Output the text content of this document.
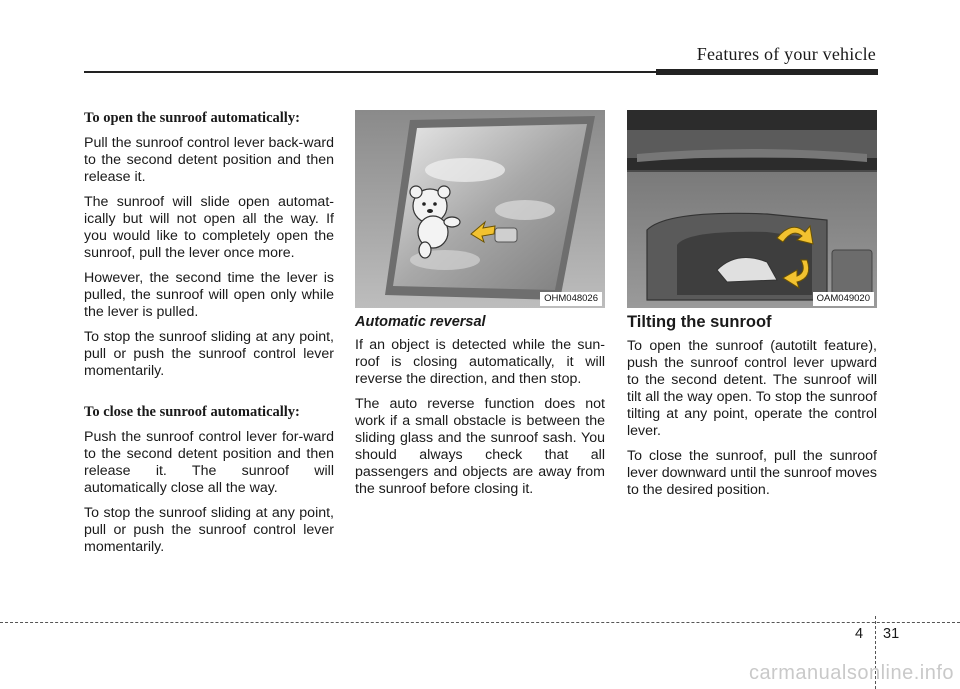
Features of your vehicle
To open the sunroof automatically:

Pull the sunroof control lever back-ward to the second detent position and then release it.

The sunroof will slide open automat-ically but will not open all the way. If you would like to completely open the sunroof, pull the lever once more.

However, the second time the lever is pulled, the sunroof will open only while the lever is pulled.

To stop the sunroof sliding at any point, pull or push the sunroof control lever momentarily.

To close the sunroof automatically:

Push the sunroof control lever for-ward to the second detent position and then release it. The sunroof will automatically close all the way.

To stop the sunroof sliding at any point, pull or push the sunroof control lever momentarily.

OHM048026
Automatic reversal

If an object is detected while the sun-roof is closing automatically, it will reverse the direction, and then stop.

The auto reverse function does not work if a small obstacle is between the sliding glass and the sunroof sash. You should always check that all passengers and objects are away from the sunroof before closing it.

OAM049020
Tilting the sunroof

To open the sunroof (autotilt feature), push the sunroof control lever upward to the second detent. The sunroof will tilt all the way open. To stop the sunroof tilting at any point, operate the control lever.

To close the sunroof, pull the sunroof lever downward until the sunroof moves to the desired position.

4 31
carmanualsonline.info
